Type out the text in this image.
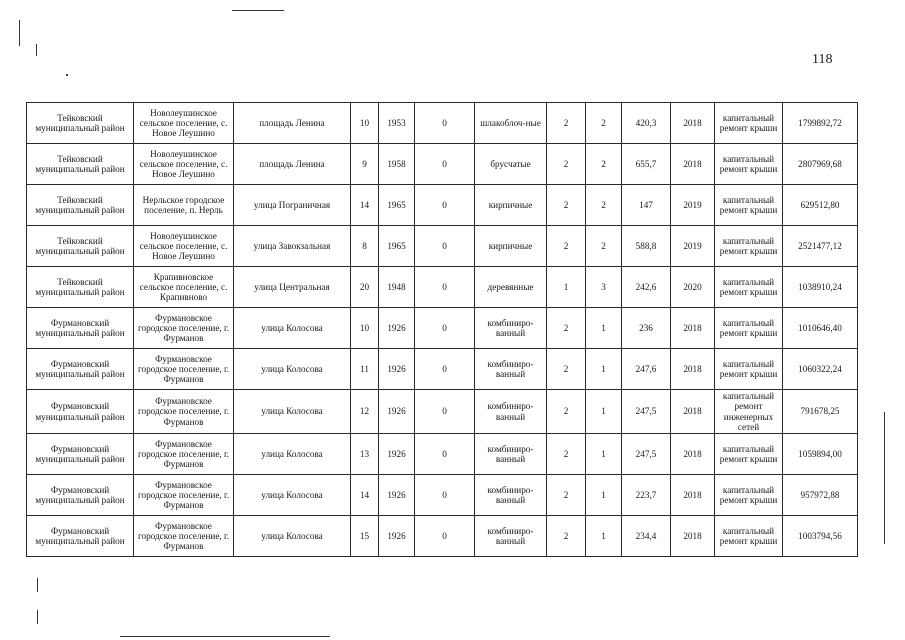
118
Тейковский муниципальный район	Новолеушинское сельское поселение, с. Новое Леушино	площадь Ленина	10	1953	0	шлакоблоч-ные	2	2	420,3	2018	капитальный ремонт крыши	1799892,72
Тейковский муниципальный район	Новолеушинское сельское поселение, с. Новое Леушино	площадь Ленина	9	1958	0	брусчатые	2	2	655,7	2018	капитальный ремонт крыши	2807969,68
Тейковский муниципальный район	Нерльское городское поселение, п. Нерль	улица Пограничная	14	1965	0	кирпичные	2	2	147	2019	капитальный ремонт крыши	629512,80
Тейковский муниципальный район	Новолеушинское сельское поселение, с. Новое Леушино	улица Завокзальная	8	1965	0	кирпичные	2	2	588,8	2019	капитальный ремонт крыши	2521477,12
Тейковский муниципальный район	Крапивновское сельское поселение, с. Крапивново	улица Центральная	20	1948	0	деревянные	1	3	242,6	2020	капитальный ремонт крыши	1038910,24
Фурмановский муниципальный район	Фурмановское городское поселение, г. Фурманов	улица Колосова	10	1926	0	комбиниро-ванный	2	1	236	2018	капитальный ремонт крыши	1010646,40
Фурмановский муниципальный район	Фурмановское городское поселение, г. Фурманов	улица Колосова	11	1926	0	комбиниро-ванный	2	1	247,6	2018	капитальный ремонт крыши	1060322,24
Фурмановский муниципальный район	Фурмановское городское поселение, г. Фурманов	улица Колосова	12	1926	0	комбиниро-ванный	2	1	247,5	2018	капитальный ремонт инженерных сетей	791678,25
Фурмановский муниципальный район	Фурмановское городское поселение, г. Фурманов	улица Колосова	13	1926	0	комбиниро-ванный	2	1	247,5	2018	капитальный ремонт крыши	1059894,00
Фурмановский муниципальный район	Фурмановское городское поселение, г. Фурманов	улица Колосова	14	1926	0	комбиниро-ванный	2	1	223,7	2018	капитальный ремонт крыши	957972,88
Фурмановский муниципальный район	Фурмановское городское поселение, г. Фурманов	улица Колосова	15	1926	0	комбиниро-ванный	2	1	234,4	2018	капитальный ремонт крыши	1003794,56
